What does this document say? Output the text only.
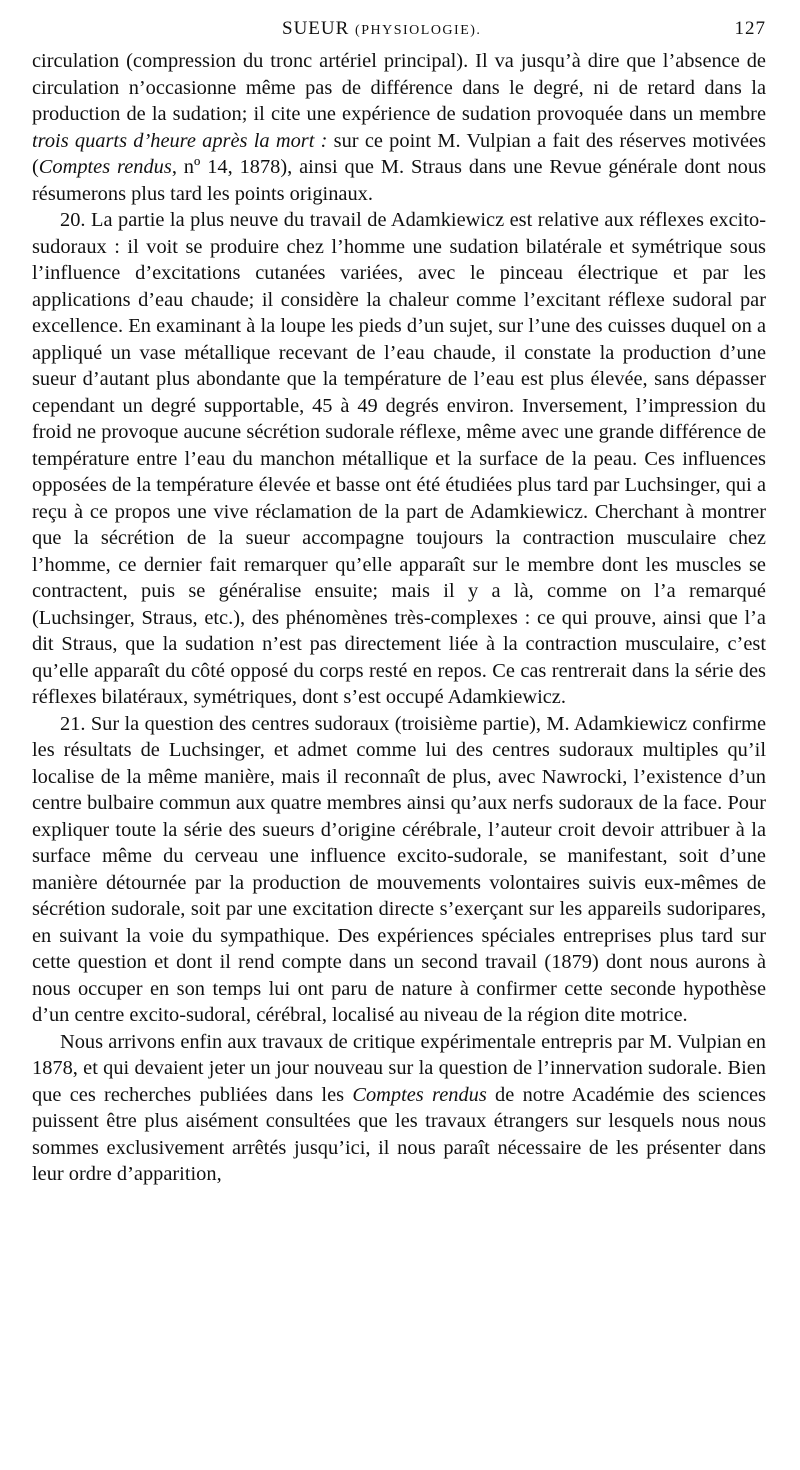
SUEUR (PHYSIOLOGIE).	127

circulation (compression du tronc artériel principal). Il va jusqu’à dire que l’absence de circulation n’occasionne même pas de différence dans le degré, ni de retard dans la production de la sudation; il cite une expérience de sudation provoquée dans un membre trois quarts d’heure après la mort : sur ce point M. Vulpian a fait des réserves motivées (Comptes rendus, nº 14, 1878), ainsi que M. Straus dans une Revue générale dont nous résumerons plus tard les points originaux.

20. La partie la plus neuve du travail de Adamkiewicz est relative aux réflexes excito-sudoraux : il voit se produire chez l’homme une sudation bilatérale et symétrique sous l’influence d’excitations cutanées variées, avec le pinceau électrique et par les applications d’eau chaude; il considère la chaleur comme l’excitant réflexe sudoral par excellence. En examinant à la loupe les pieds d’un sujet, sur l’une des cuisses duquel on a appliqué un vase métallique recevant de l’eau chaude, il constate la production d’une sueur d’autant plus abondante que la température de l’eau est plus élevée, sans dépasser cependant un degré supportable, 45 à 49 degrés environ. Inversement, l’impression du froid ne provoque aucune sécrétion sudorale réflexe, même avec une grande différence de température entre l’eau du manchon métallique et la surface de la peau. Ces influences opposées de la température élevée et basse ont été étudiées plus tard par Luchsinger, qui a reçu à ce propos une vive réclamation de la part de Adamkiewicz. Cherchant à montrer que la sécrétion de la sueur accompagne toujours la contraction musculaire chez l’homme, ce dernier fait remarquer qu’elle apparaît sur le membre dont les muscles se contractent, puis se généralise ensuite; mais il y a là, comme on l’a remarqué (Luchsinger, Straus, etc.), des phénomènes très-complexes : ce qui prouve, ainsi que l’a dit Straus, que la sudation n’est pas directement liée à la contraction musculaire, c’est qu’elle apparaît du côté opposé du corps resté en repos. Ce cas rentrerait dans la série des réflexes bilatéraux, symétriques, dont s’est occupé Adamkiewicz.

21. Sur la question des centres sudoraux (troisième partie), M. Adamkiewicz confirme les résultats de Luchsinger, et admet comme lui des centres sudoraux multiples qu’il localise de la même manière, mais il reconnaît de plus, avec Nawrocki, l’existence d’un centre bulbaire commun aux quatre membres ainsi qu’aux nerfs sudoraux de la face. Pour expliquer toute la série des sueurs d’origine cérébrale, l’auteur croit devoir attribuer à la surface même du cerveau une influence excito-sudorale, se manifestant, soit d’une manière détournée par la production de mouvements volontaires suivis eux-mêmes de sécrétion sudorale, soit par une excitation directe s’exerçant sur les appareils sudoripares, en suivant la voie du sympathique. Des expériences spéciales entreprises plus tard sur cette question et dont il rend compte dans un second travail (1879) dont nous aurons à nous occuper en son temps lui ont paru de nature à confirmer cette seconde hypothèse d’un centre excito-sudoral, cérébral, localisé au niveau de la région dite motrice.

Nous arrivons enfin aux travaux de critique expérimentale entrepris par M. Vulpian en 1878, et qui devaient jeter un jour nouveau sur la question de l’innervation sudorale. Bien que ces recherches publiées dans les Comptes rendus de notre Académie des sciences puissent être plus aisément consultées que les travaux étrangers sur lesquels nous nous sommes exclusivement arrêtés jusqu’ici, il nous paraît nécessaire de les présenter dans leur ordre d’apparition,
